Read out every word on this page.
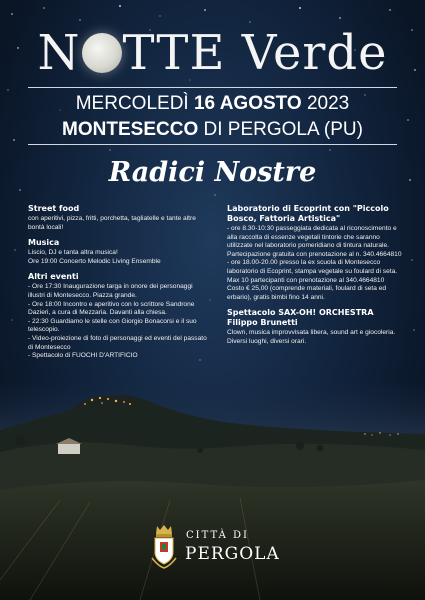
N TTE Verde
MERCOLEDÌ 16 AGOSTO 2023
MONTESECCO DI PERGOLA (PU)
Radici Nostre
Street food
con aperitivi, pizza, fritti, porchetta, tagliatelle e tante altre bontà locali!
Musica
Liscio, DJ e tanta altra musica!
Ore 19:00 Concerto Melodic Living Ensemble
Altri eventi
- Ore 17:30 Inaugurazione targa in onore dei personaggi illustri di Montesecco. Piazza grande.
- Ore 18:00 Incontro e aperitivo con lo scrittore Sandrone Dazieri, a cura di Mezzaria. Davanti alla chiesa.
- 22:30 Guardiamo le stelle con Giorgio Bonacorsi e il suo telescopio.
- Video-proiezione di foto di personaggi ed eventi del passato di Montesecco
- Spettacolo di FUOCHI D'ARTIFICIO
Laboratorio di Ecoprint con "Piccolo Bosco, Fattoria Artistica"
- ore 8.30-10:30 passeggiata dedicata al riconoscimento e alla raccolta di essenze vegetali tintorie che saranno utilizzate nel laboratorio pomeridiano di tintura naturale.
Partecipazione gratuita con prenotazione al n. 340.4664810
- ore 18.00-20.00 presso la ex scuola di Montesecco laboratorio di Ecoprint, stampa vegetale su foulard di seta.
Max 10 partecipanti con prenotazione al 340.4664810
Costo € 25,00 (comprende materiali, foulard di seta ed erbario), gratis bimbi fino 14 anni.
Spettacolo SAX-OH! ORCHESTRA Filippo Brunetti
Clown, musica improvvisata libera, sound art e giocoleria.
Diversi luoghi, diversi orari.
CITTÀ DI
PERGOLA
